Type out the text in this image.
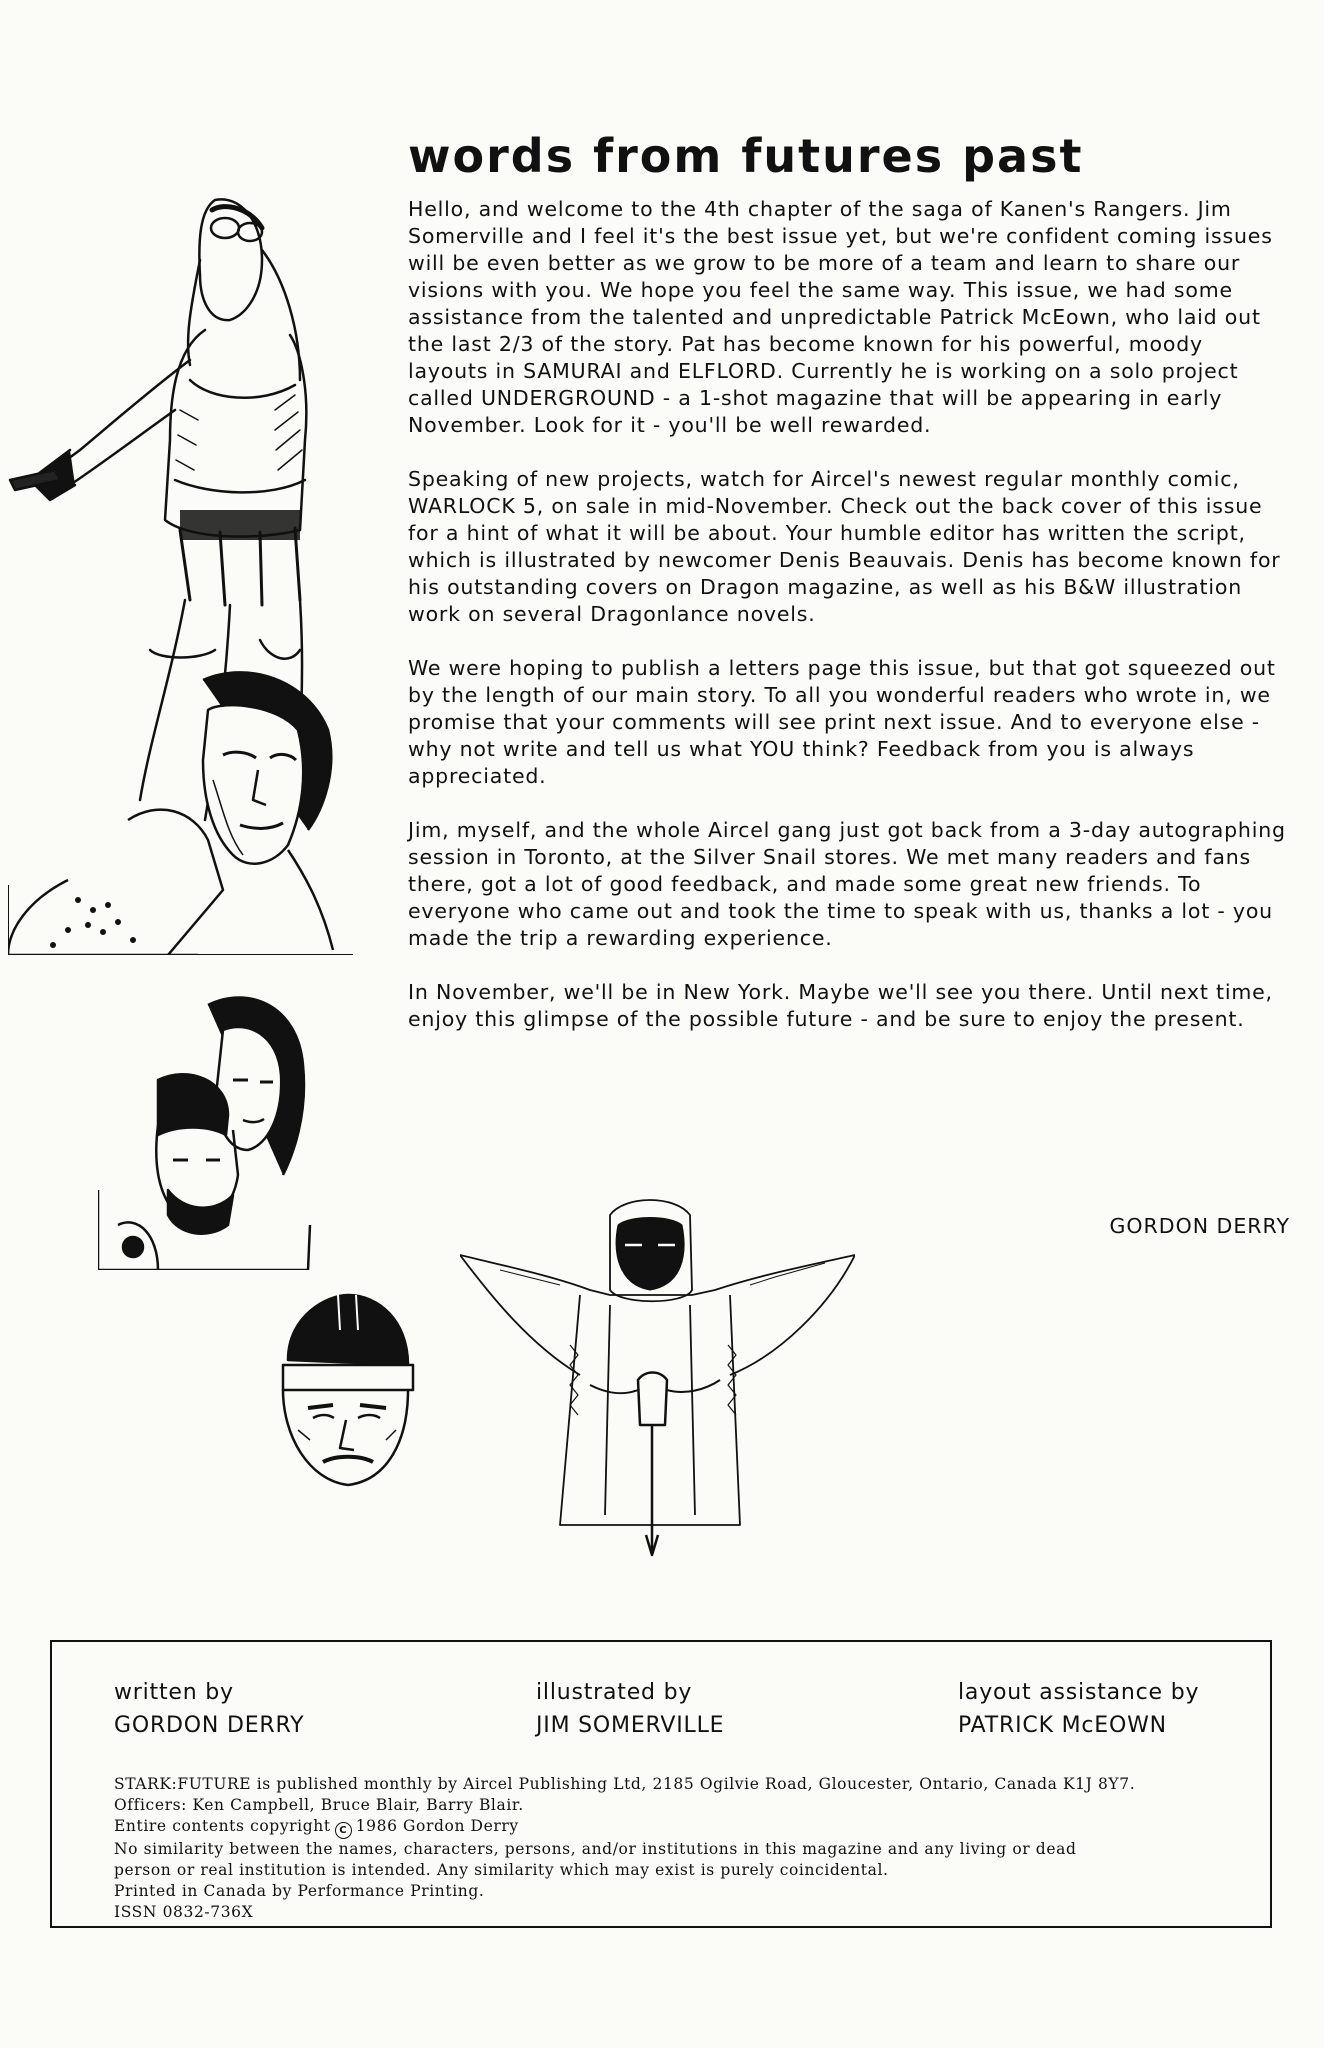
words from futures past

Hello, and welcome to the 4th chapter of the saga of Kanen's Rangers. Jim Somerville and I feel it's the best issue yet, but we're confident coming issues will be even better as we grow to be more of a team and learn to share our visions with you. We hope you feel the same way. This issue, we had some assistance from the talented and unpredictable Patrick McEown, who laid out the last 2/3 of the story. Pat has become known for his powerful, moody layouts in SAMURAI and ELFLORD. Currently he is working on a solo project called UNDERGROUND - a 1-shot magazine that will be appearing in early November. Look for it - you'll be well rewarded.

Speaking of new projects, watch for Aircel's newest regular monthly comic, WARLOCK 5, on sale in mid-November. Check out the back cover of this issue for a hint of what it will be about. Your humble editor has written the script, which is illustrated by newcomer Denis Beauvais. Denis has become known for his outstanding covers on Dragon magazine, as well as his B&W illustration work on several Dragonlance novels.

We were hoping to publish a letters page this issue, but that got squeezed out by the length of our main story. To all you wonderful readers who wrote in, we promise that your comments will see print next issue. And to everyone else - why not write and tell us what YOU think? Feedback from you is always appreciated.

Jim, myself, and the whole Aircel gang just got back from a 3-day autographing session in Toronto, at the Silver Snail stores. We met many readers and fans there, got a lot of good feedback, and made some great new friends. To everyone who came out and took the time to speak with us, thanks a lot - you made the trip a rewarding experience.

In November, we'll be in New York. Maybe we'll see you there. Until next time, enjoy this glimpse of the possible future - and be sure to enjoy the present.

GORDON DERRY
written by
GORDON DERRY
illustrated by
JIM SOMERVILLE
layout assistance by
PATRICK McEOWN
STARK:FUTURE is published monthly by Aircel Publishing Ltd, 2185 Ogilvie Road, Gloucester, Ontario, Canada K1J 8Y7.
Officers: Ken Campbell, Bruce Blair, Barry Blair.
Entire contents copyright C 1986 Gordon Derry
No similarity between the names, characters, persons, and/or institutions in this magazine and any living or dead
person or real institution is intended. Any similarity which may exist is purely coincidental.
Printed in Canada by Performance Printing.
ISSN 0832-736X
